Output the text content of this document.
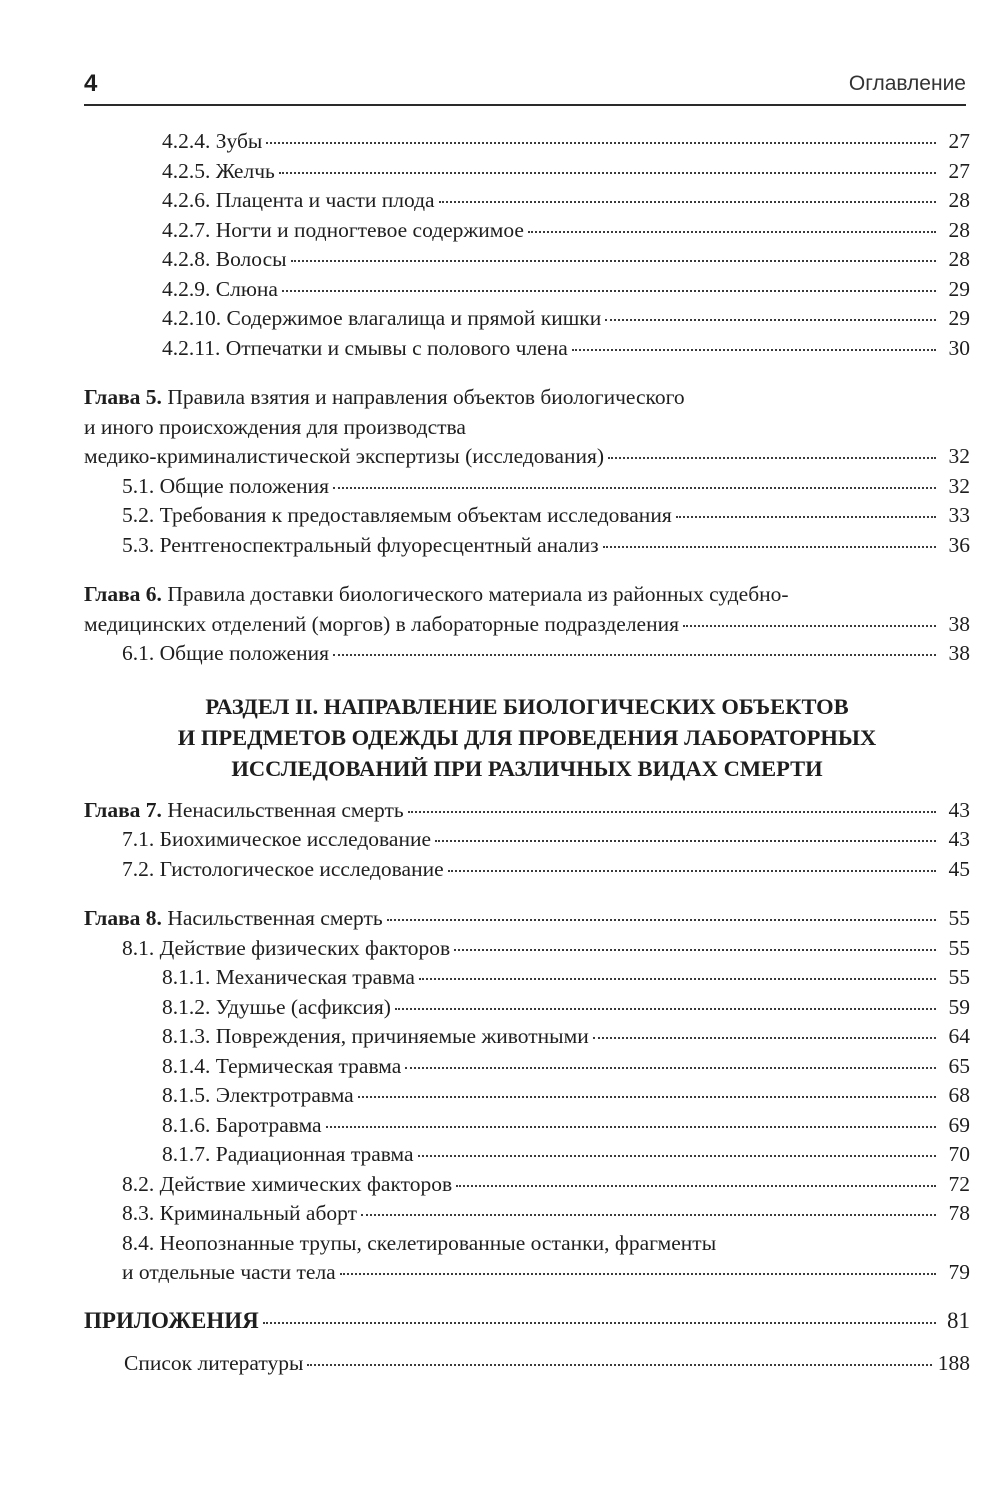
4	Оглавление
4.2.4. Зубы	27
4.2.5. Желчь	27
4.2.6. Плацента и части плода	28
4.2.7. Ногти и подногтевое содержимое	28
4.2.8. Волосы	28
4.2.9. Слюна	29
4.2.10. Содержимое влагалища и прямой кишки	29
4.2.11. Отпечатки и смывы с полового члена	30
Глава 5. Правила взятия и направления объектов биологического
и иного происхождения для производства
медико-криминалистической экспертизы (исследования)	32
5.1. Общие положения	32
5.2. Требования к предоставляемым объектам исследования	33
5.3. Рентгеноспектральный флуоресцентный анализ	36
Глава 6. Правила доставки биологического материала из районных судебно-
медицинских отделений (моргов) в лабораторные подразделения	38
6.1. Общие положения	38
РАЗДЕЛ II. НАПРАВЛЕНИЕ БИОЛОГИЧЕСКИХ ОБЪЕКТОВ
И ПРЕДМЕТОВ ОДЕЖДЫ ДЛЯ ПРОВЕДЕНИЯ ЛАБОРАТОРНЫХ
ИССЛЕДОВАНИЙ ПРИ РАЗЛИЧНЫХ ВИДАХ СМЕРТИ
Глава 7. Ненасильственная смерть	43
7.1. Биохимическое исследование	43
7.2. Гистологическое исследование	45
Глава 8. Насильственная смерть	55
8.1. Действие физических факторов	55
8.1.1. Механическая травма	55
8.1.2. Удушье (асфиксия)	59
8.1.3. Повреждения, причиняемые животными	64
8.1.4. Термическая травма	65
8.1.5. Электротравма	68
8.1.6. Баротравма	69
8.1.7. Радиационная травма	70
8.2. Действие химических факторов	72
8.3. Криминальный аборт	78
8.4. Неопознанные трупы, скелетированные останки, фрагменты
и отдельные части тела	79
ПРИЛОЖЕНИЯ	81
Список литературы	188
